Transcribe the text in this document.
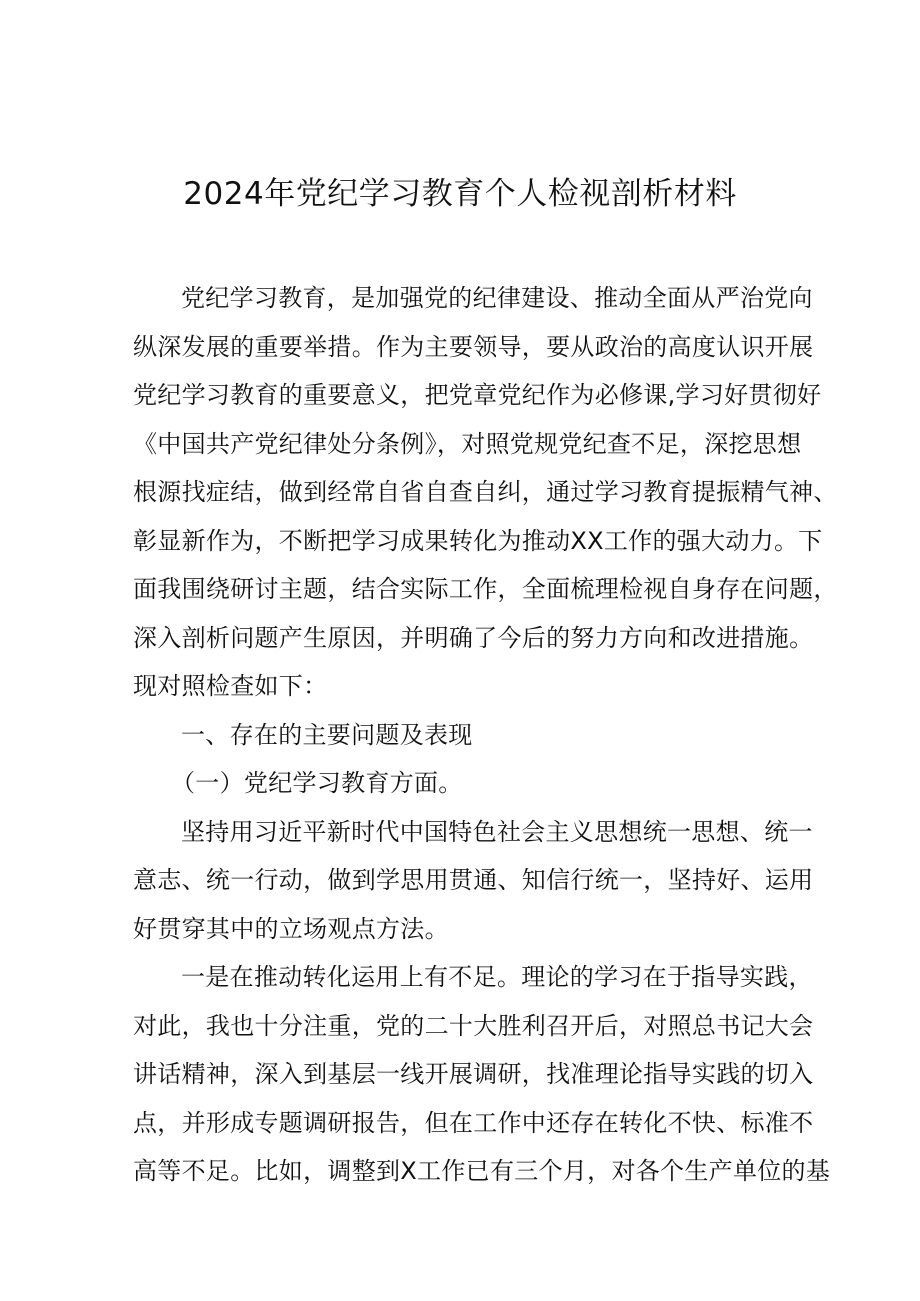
2024年党纪学习教育个人检视剖析材料
党纪学习教育，是加强党的纪律建设、推动全面从严治党向
纵深发展的重要举措。作为主要领导，要从政治的高度认识开展
党纪学习教育的重要意义，把党章党纪作为必修课,学习好贯彻好
《中国共产党纪律处分条例》，对照党规党纪查不足，深挖思想
根源找症结，做到经常自省自查自纠，通过学习教育提振精气神、
彰显新作为，不断把学习成果转化为推动XX工作的强大动力。下
面我围绕研讨主题，结合实际工作，全面梳理检视自身存在问题，
深入剖析问题产生原因，并明确了今后的努力方向和改进措施。
现对照检查如下：
一、存在的主要问题及表现
（一）党纪学习教育方面。
坚持用习近平新时代中国特色社会主义思想统一思想、统一
意志、统一行动，做到学思用贯通、知信行统一，坚持好、运用
好贯穿其中的立场观点方法。
一是在推动转化运用上有不足。理论的学习在于指导实践，
对此，我也十分注重，党的二十大胜利召开后，对照总书记大会
讲话精神，深入到基层一线开展调研，找准理论指导实践的切入
点，并形成专题调研报告，但在工作中还存在转化不快、标准不
高等不足。比如，调整到X工作已有三个月，对各个生产单位的基
